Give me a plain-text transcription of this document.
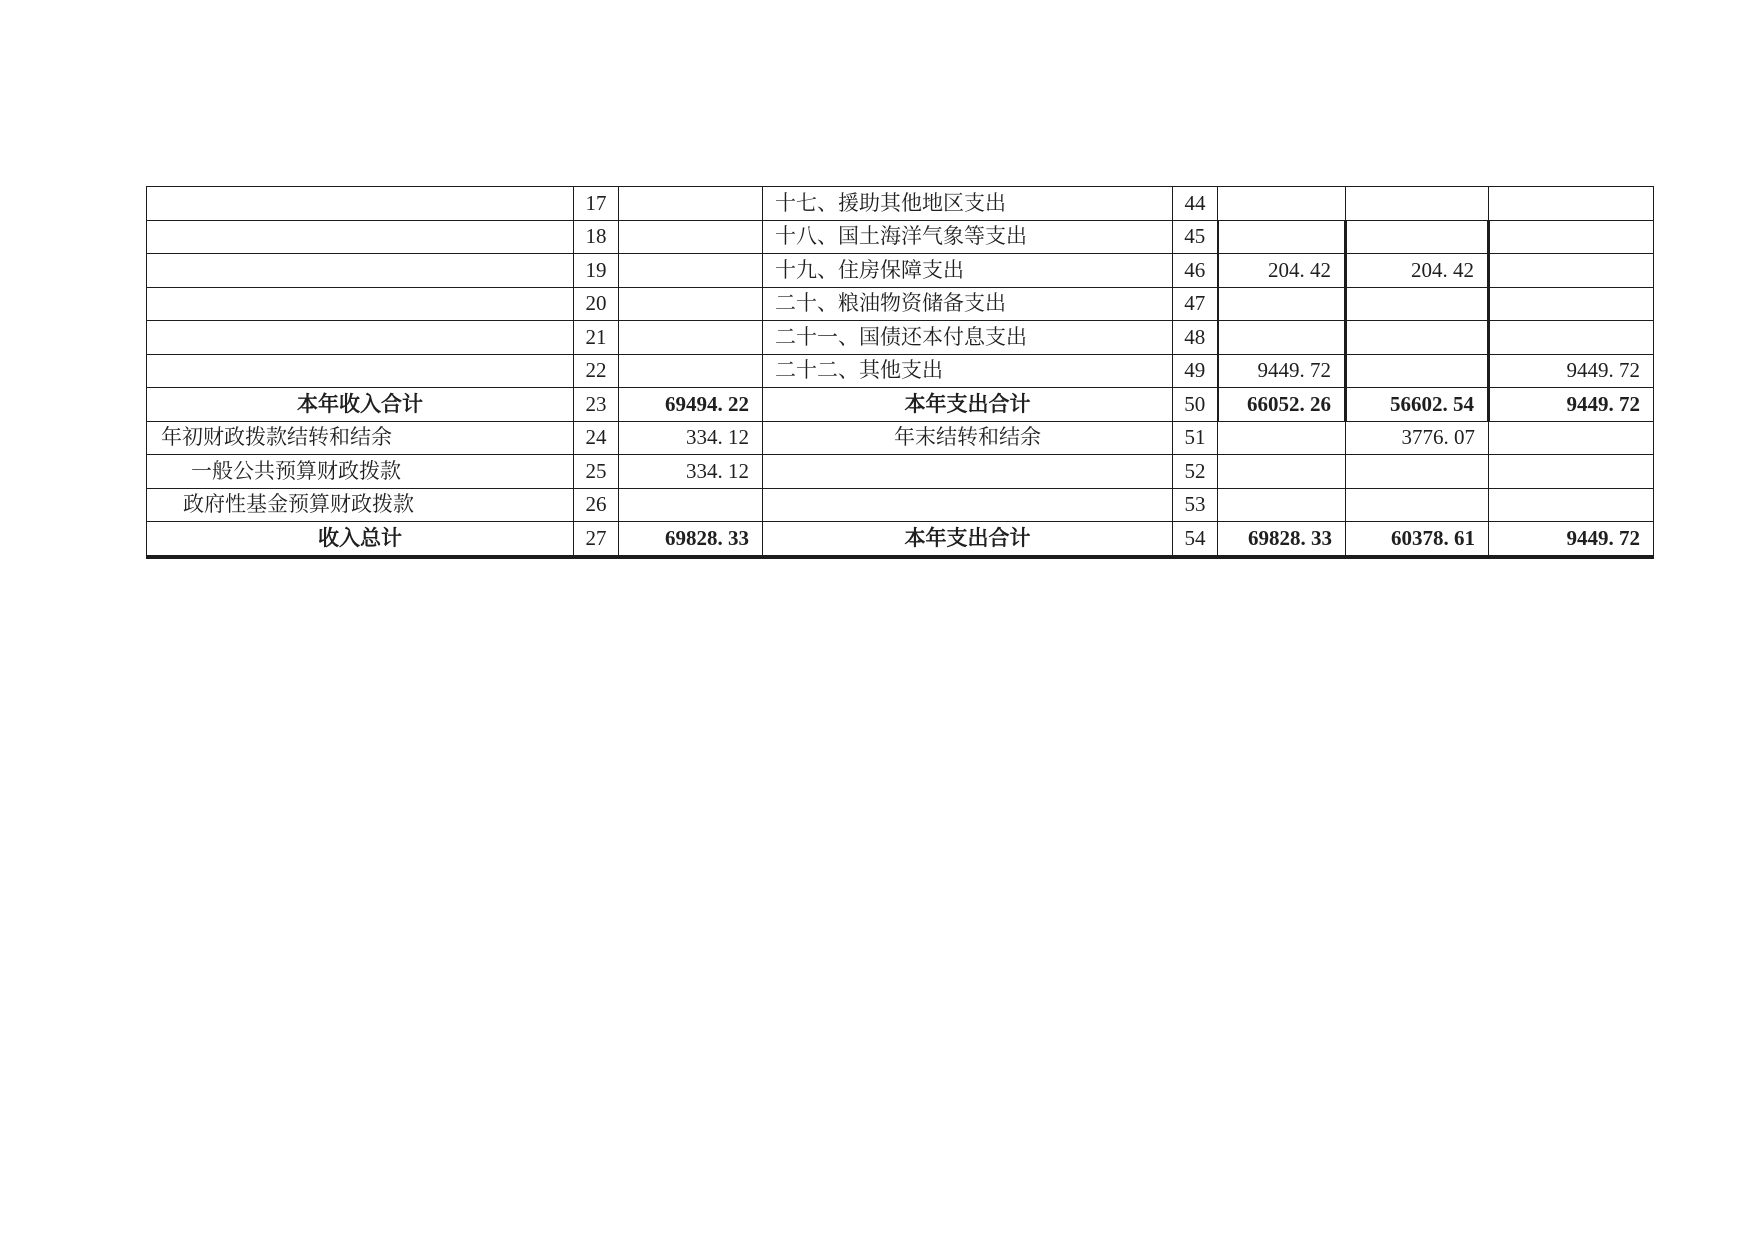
	17		十七、援助其他地区支出	44			
	18		十八、国土海洋气象等支出	45			
	19		十九、住房保障支出	46	204. 42	204. 42	
	20		二十、粮油物资储备支出	47			
	21		二十一、国债还本付息支出	48			
	22		二十二、其他支出	49	9449. 72		9449. 72
本年收入合计	23	69494. 22	本年支出合计	50	66052. 26	56602. 54	9449. 72
年初财政拨款结转和结余	24	334. 12	年末结转和结余	51		3776. 07	
一般公共预算财政拨款	25	334. 12		52			
政府性基金预算财政拨款	26			53			
收入总计	27	69828. 33	本年支出合计	54	69828. 33	60378. 61	9449. 72
